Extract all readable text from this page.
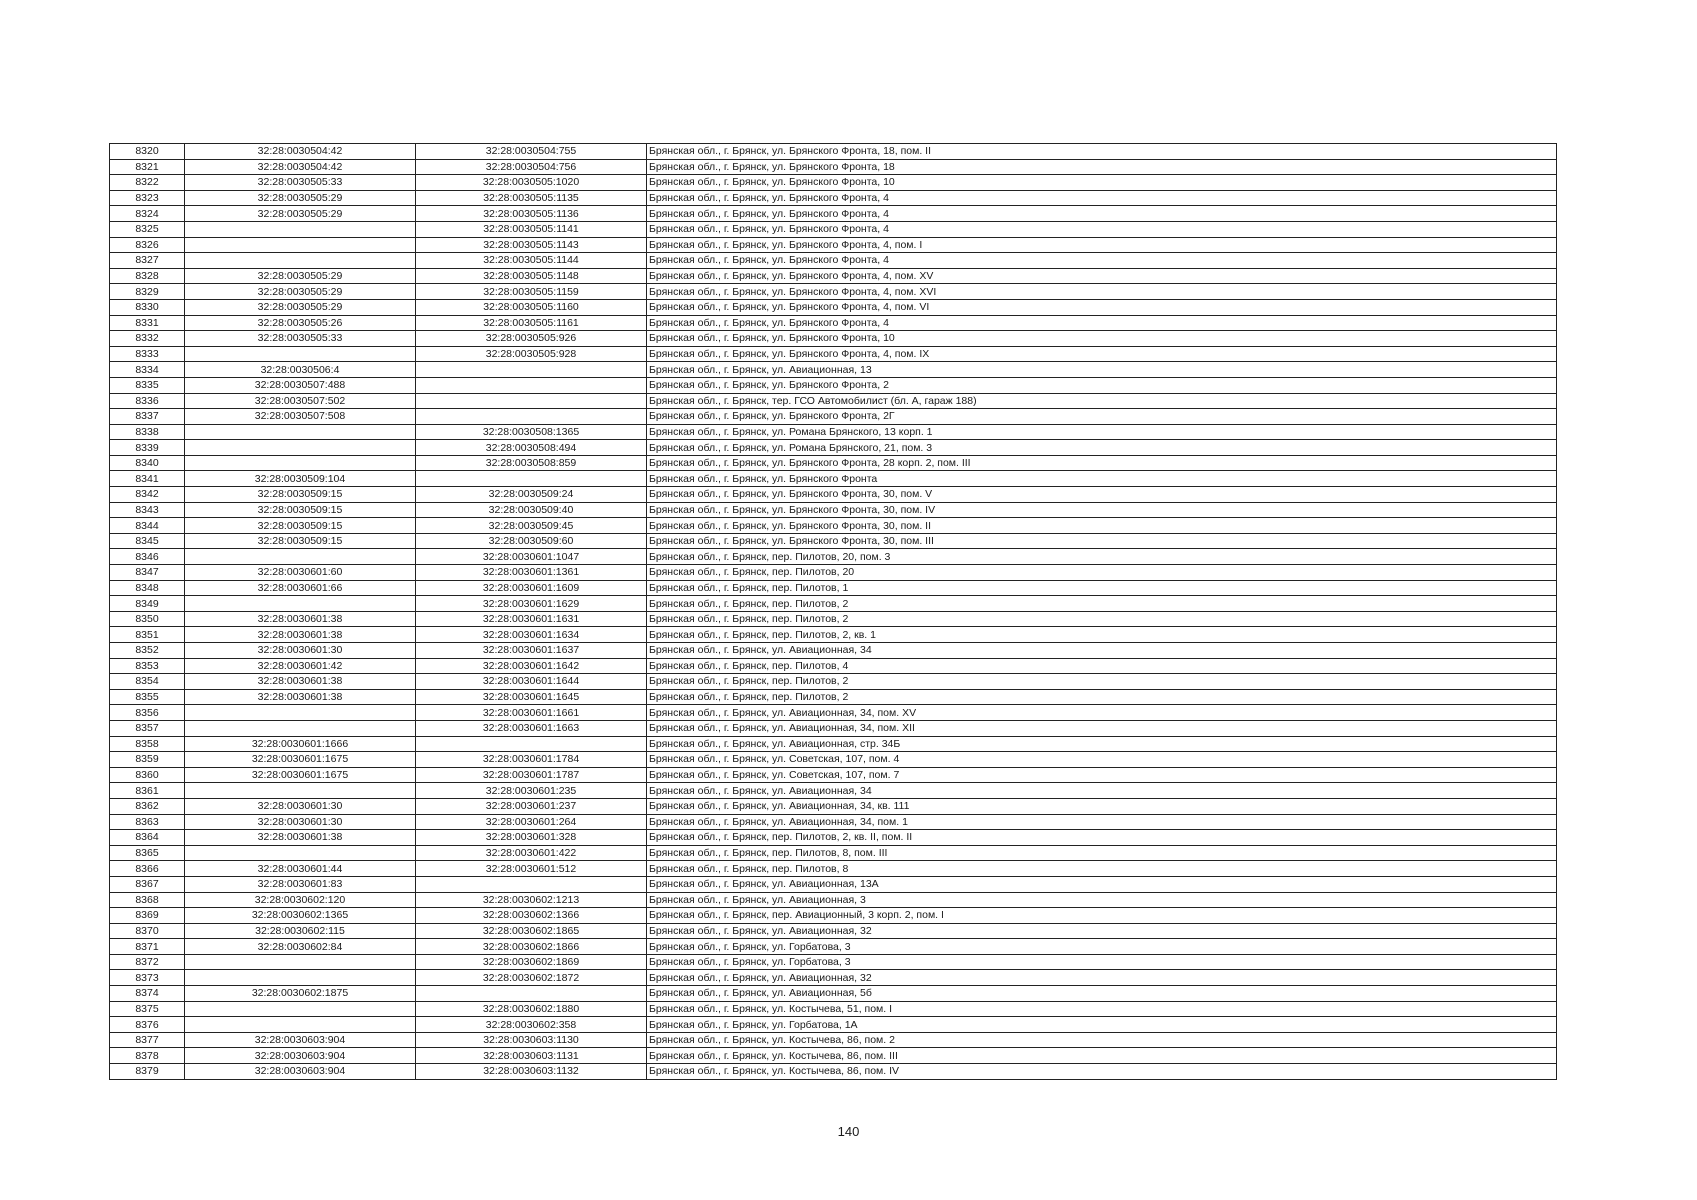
8320	32:28:0030504:42	32:28:0030504:755	Брянская обл., г. Брянск, ул. Брянского Фронта, 18, пом. II
8321	32:28:0030504:42	32:28:0030504:756	Брянская обл., г. Брянск, ул. Брянского Фронта, 18
8322	32:28:0030505:33	32:28:0030505:1020	Брянская обл., г. Брянск, ул. Брянского Фронта, 10
8323	32:28:0030505:29	32:28:0030505:1135	Брянская обл., г. Брянск, ул. Брянского Фронта, 4
8324	32:28:0030505:29	32:28:0030505:1136	Брянская обл., г. Брянск, ул. Брянского Фронта, 4
8325		32:28:0030505:1141	Брянская обл., г. Брянск, ул. Брянского Фронта, 4
8326		32:28:0030505:1143	Брянская обл., г. Брянск, ул. Брянского Фронта, 4, пом. I
8327		32:28:0030505:1144	Брянская обл., г. Брянск, ул. Брянского Фронта, 4
8328	32:28:0030505:29	32:28:0030505:1148	Брянская обл., г. Брянск, ул. Брянского Фронта, 4, пом. XV
8329	32:28:0030505:29	32:28:0030505:1159	Брянская обл., г. Брянск, ул. Брянского Фронта, 4, пом. XVI
8330	32:28:0030505:29	32:28:0030505:1160	Брянская обл., г. Брянск, ул. Брянского Фронта, 4, пом. VI
8331	32:28:0030505:26	32:28:0030505:1161	Брянская обл., г. Брянск, ул. Брянского Фронта, 4
8332	32:28:0030505:33	32:28:0030505:926	Брянская обл., г. Брянск, ул. Брянского Фронта, 10
8333		32:28:0030505:928	Брянская обл., г. Брянск, ул. Брянского Фронта, 4, пом. IX
8334	32:28:0030506:4		Брянская обл., г. Брянск, ул. Авиационная, 13
8335	32:28:0030507:488		Брянская обл., г. Брянск, ул. Брянского Фронта, 2
8336	32:28:0030507:502		Брянская обл., г. Брянск, тер. ГСО Автомобилист (бл. А, гараж 188)
8337	32:28:0030507:508		Брянская обл., г. Брянск, ул. Брянского Фронта, 2Г
8338		32:28:0030508:1365	Брянская обл., г. Брянск, ул. Романа Брянского, 13 корп. 1
8339		32:28:0030508:494	Брянская обл., г. Брянск, ул. Романа Брянского, 21, пом. 3
8340		32:28:0030508:859	Брянская обл., г. Брянск, ул. Брянского Фронта, 28 корп. 2, пом. III
8341	32:28:0030509:104		Брянская обл., г. Брянск, ул. Брянского Фронта
8342	32:28:0030509:15	32:28:0030509:24	Брянская обл., г. Брянск, ул. Брянского Фронта, 30, пом. V
8343	32:28:0030509:15	32:28:0030509:40	Брянская обл., г. Брянск, ул. Брянского Фронта, 30, пом. IV
8344	32:28:0030509:15	32:28:0030509:45	Брянская обл., г. Брянск, ул. Брянского Фронта, 30, пом. II
8345	32:28:0030509:15	32:28:0030509:60	Брянская обл., г. Брянск, ул. Брянского Фронта, 30, пом. III
8346		32:28:0030601:1047	Брянская обл., г. Брянск, пер. Пилотов, 20, пом. 3
8347	32:28:0030601:60	32:28:0030601:1361	Брянская обл., г. Брянск, пер. Пилотов, 20
8348	32:28:0030601:66	32:28:0030601:1609	Брянская обл., г. Брянск, пер. Пилотов, 1
8349		32:28:0030601:1629	Брянская обл., г. Брянск, пер. Пилотов, 2
8350	32:28:0030601:38	32:28:0030601:1631	Брянская обл., г. Брянск, пер. Пилотов, 2
8351	32:28:0030601:38	32:28:0030601:1634	Брянская обл., г. Брянск, пер. Пилотов, 2, кв. 1
8352	32:28:0030601:30	32:28:0030601:1637	Брянская обл., г. Брянск, ул. Авиационная, 34
8353	32:28:0030601:42	32:28:0030601:1642	Брянская обл., г. Брянск, пер. Пилотов, 4
8354	32:28:0030601:38	32:28:0030601:1644	Брянская обл., г. Брянск, пер. Пилотов, 2
8355	32:28:0030601:38	32:28:0030601:1645	Брянская обл., г. Брянск, пер. Пилотов, 2
8356		32:28:0030601:1661	Брянская обл., г. Брянск, ул. Авиационная, 34, пом. XV
8357		32:28:0030601:1663	Брянская обл., г. Брянск, ул. Авиационная, 34, пом. XII
8358	32:28:0030601:1666		Брянская обл., г. Брянск, ул. Авиационная, стр. 34Б
8359	32:28:0030601:1675	32:28:0030601:1784	Брянская обл., г. Брянск, ул. Советская, 107, пом. 4
8360	32:28:0030601:1675	32:28:0030601:1787	Брянская обл., г. Брянск, ул. Советская, 107, пом. 7
8361		32:28:0030601:235	Брянская обл., г. Брянск, ул. Авиационная, 34
8362	32:28:0030601:30	32:28:0030601:237	Брянская обл., г. Брянск, ул. Авиационная, 34, кв. 111
8363	32:28:0030601:30	32:28:0030601:264	Брянская обл., г. Брянск, ул. Авиационная, 34, пом. 1
8364	32:28:0030601:38	32:28:0030601:328	Брянская обл., г. Брянск, пер. Пилотов, 2, кв. II, пом. II
8365		32:28:0030601:422	Брянская обл., г. Брянск, пер. Пилотов, 8, пом. III
8366	32:28:0030601:44	32:28:0030601:512	Брянская обл., г. Брянск, пер. Пилотов, 8
8367	32:28:0030601:83		Брянская обл., г. Брянск, ул. Авиационная, 13А
8368	32:28:0030602:120	32:28:0030602:1213	Брянская обл., г. Брянск, ул. Авиационная, 3
8369	32:28:0030602:1365	32:28:0030602:1366	Брянская обл., г. Брянск, пер. Авиационный, 3 корп. 2, пом. I
8370	32:28:0030602:115	32:28:0030602:1865	Брянская обл., г. Брянск, ул. Авиационная, 32
8371	32:28:0030602:84	32:28:0030602:1866	Брянская обл., г. Брянск, ул. Горбатова, 3
8372		32:28:0030602:1869	Брянская обл., г. Брянск, ул. Горбатова, 3
8373		32:28:0030602:1872	Брянская обл., г. Брянск, ул. Авиационная, 32
8374	32:28:0030602:1875		Брянская обл., г. Брянск, ул. Авиационная, 5б
8375		32:28:0030602:1880	Брянская обл., г. Брянск, ул. Костычева, 51, пом. I
8376		32:28:0030602:358	Брянская обл., г. Брянск, ул. Горбатова, 1А
8377	32:28:0030603:904	32:28:0030603:1130	Брянская обл., г. Брянск, ул. Костычева, 86, пом. 2
8378	32:28:0030603:904	32:28:0030603:1131	Брянская обл., г. Брянск, ул. Костычева, 86, пом. III
8379	32:28:0030603:904	32:28:0030603:1132	Брянская обл., г. Брянск, ул. Костычева, 86, пом. IV
140
